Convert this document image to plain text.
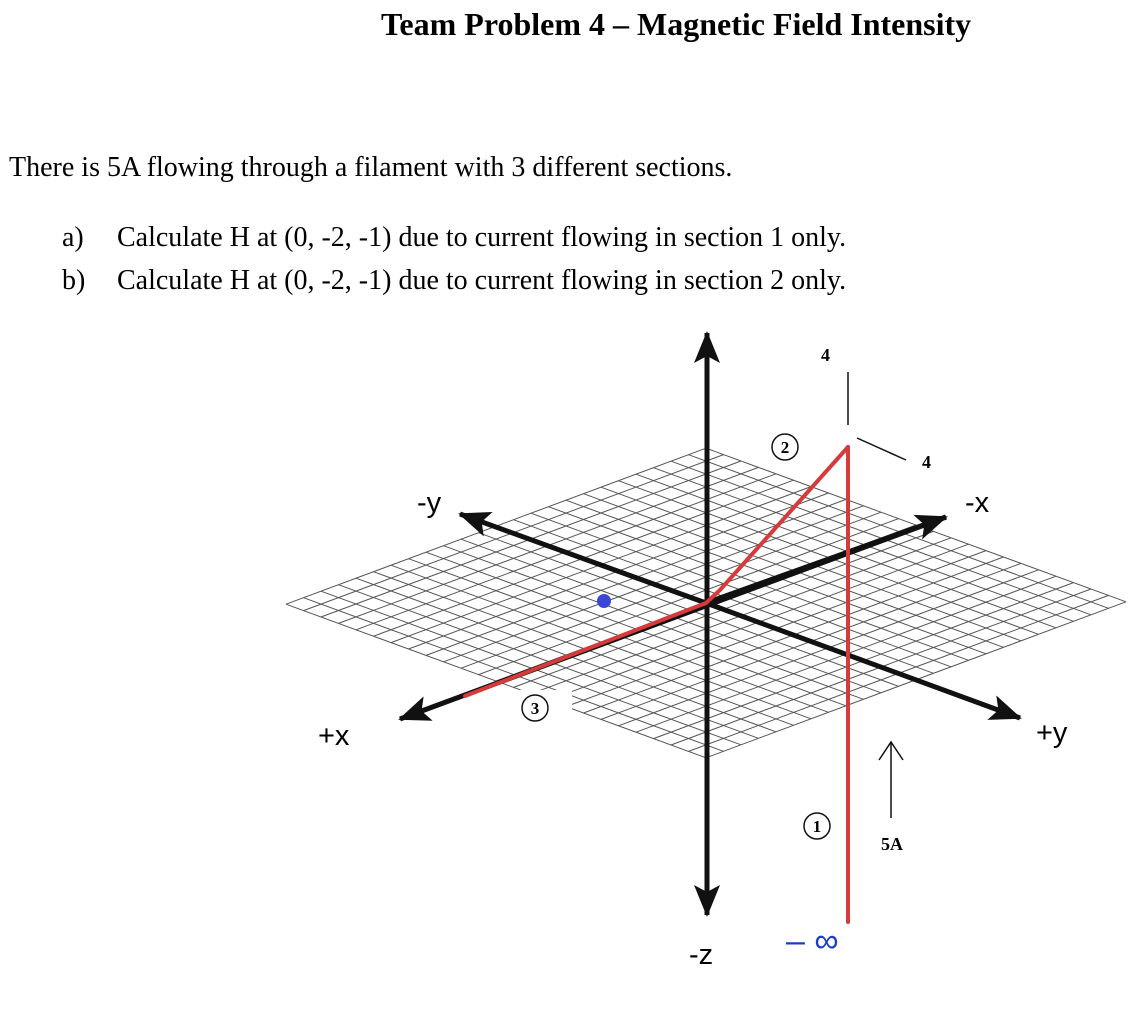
Team Problem 4 – Magnetic Field Intensity
There is 5A flowing through a filament with 3 different sections.
a) Calculate H at (0, -2, -1) due to current flowing in section 1 only.
b) Calculate H at (0, -2, -1) due to current flowing in section 2 only.
-y	-x
+x	+y
-z
4
4
2
3
1
5A
– ∞
